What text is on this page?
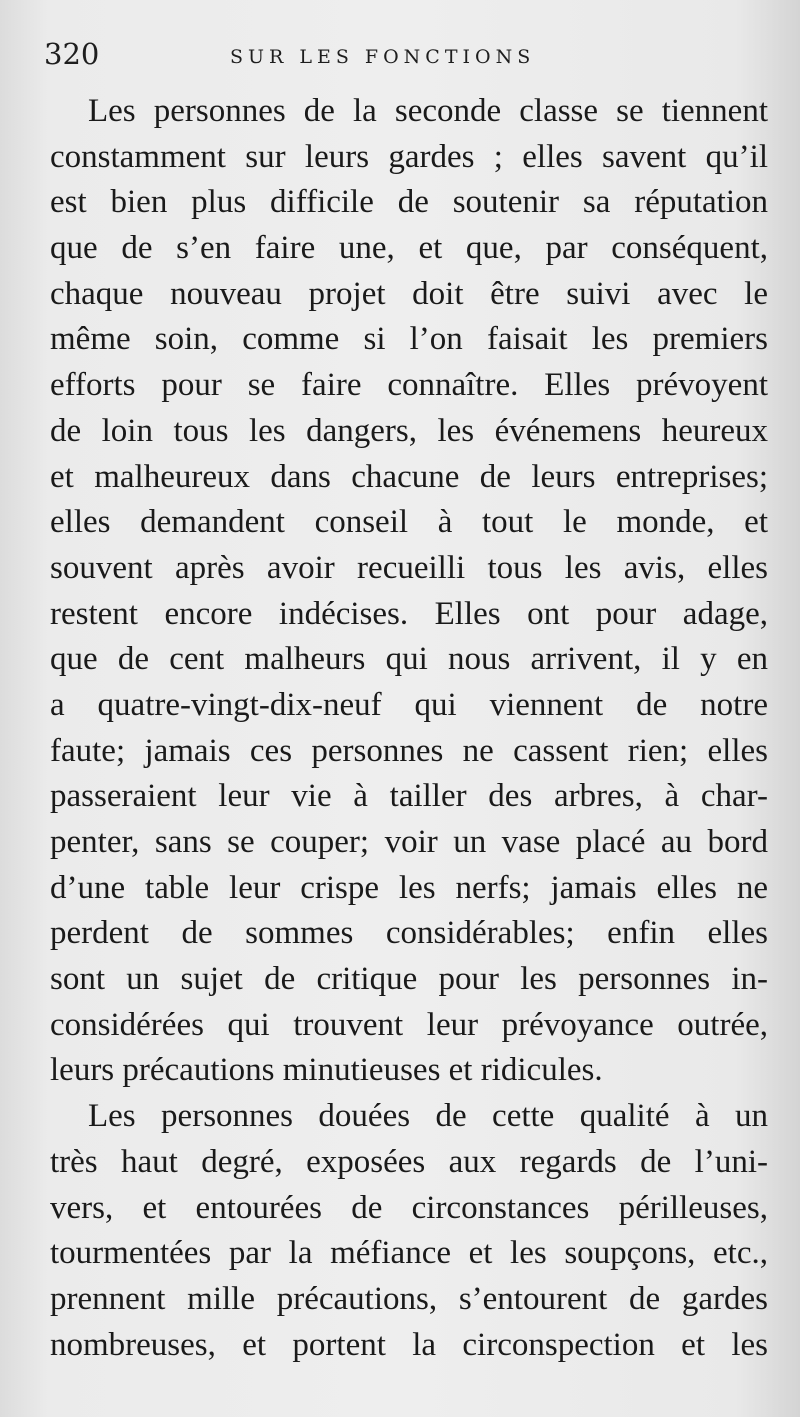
320	SUR LES FONCTIONS
Les personnes de la seconde classe se tiennent
constamment sur leurs gardes ; elles savent qu’il
est bien plus difficile de soutenir sa réputation
que de s’en faire une, et que, par conséquent,
chaque nouveau projet doit être suivi avec le
même soin, comme si l’on faisait les premiers
efforts pour se faire connaître. Elles prévoyent
de loin tous les dangers, les événemens heureux
et malheureux dans chacune de leurs entreprises;
elles demandent conseil à tout le monde, et
souvent après avoir recueilli tous les avis, elles
restent encore indécises. Elles ont pour adage,
que de cent malheurs qui nous arrivent, il y en
a quatre-vingt-dix-neuf qui viennent de notre
faute; jamais ces personnes ne cassent rien; elles
passeraient leur vie à tailler des arbres, à char-
penter, sans se couper; voir un vase placé au bord
d’une table leur crispe les nerfs; jamais elles ne
perdent de sommes considérables; enfin elles
sont un sujet de critique pour les personnes in-
considérées qui trouvent leur prévoyance outrée,
leurs précautions minutieuses et ridicules.
Les personnes douées de cette qualité à un
très haut degré, exposées aux regards de l’uni-
vers, et entourées de circonstances périlleuses,
tourmentées par la méfiance et les soupçons, etc.,
prennent mille précautions, s’entourent de gardes
nombreuses, et portent la circonspection et les
